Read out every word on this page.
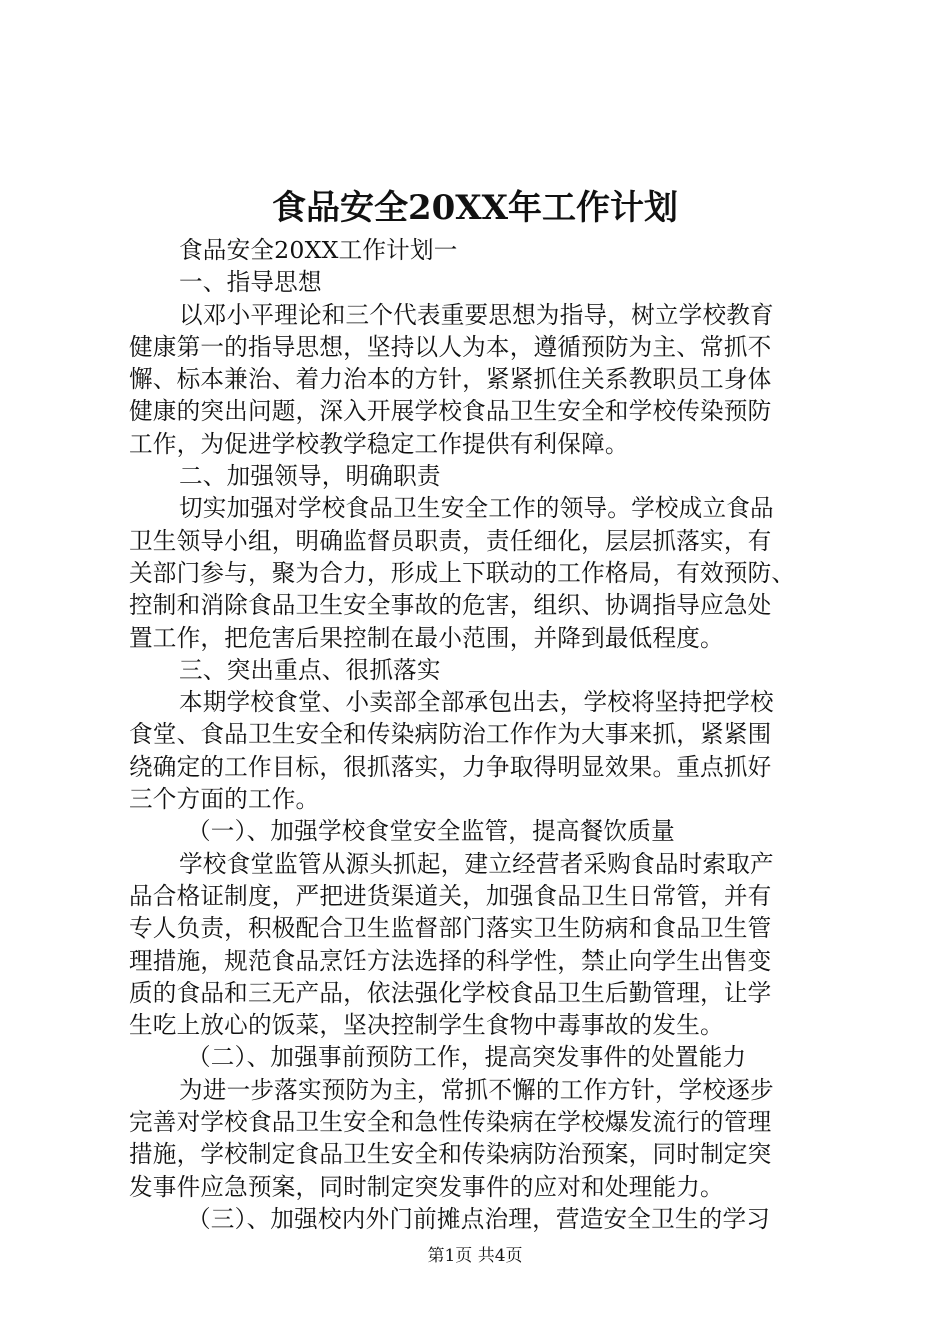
食品安全20XX年工作计划
食品安全20XX工作计划一
一、指导思想
以邓小平理论和三个代表重要思想为指导，树立学校教育
健康第一的指导思想，坚持以人为本，遵循预防为主、常抓不
懈、标本兼治、着力治本的方针，紧紧抓住关系教职员工身体
健康的突出问题，深入开展学校食品卫生安全和学校传染预防
工作，为促进学校教学稳定工作提供有利保障。
二、加强领导，明确职责
切实加强对学校食品卫生安全工作的领导。学校成立食品
卫生领导小组，明确监督员职责，责任细化，层层抓落实，有
关部门参与，聚为合力，形成上下联动的工作格局，有效预防、
控制和消除食品卫生安全事故的危害，组织、协调指导应急处
置工作，把危害后果控制在最小范围，并降到最低程度。
三、突出重点、很抓落实
本期学校食堂、小卖部全部承包出去，学校将坚持把学校
食堂、食品卫生安全和传染病防治工作作为大事来抓，紧紧围
绕确定的工作目标，很抓落实，力争取得明显效果。重点抓好
三个方面的工作。
（一）、加强学校食堂安全监管，提高餐饮质量
学校食堂监管从源头抓起，建立经营者采购食品时索取产
品合格证制度，严把进货渠道关，加强食品卫生日常管，并有
专人负责，积极配合卫生监督部门落实卫生防病和食品卫生管
理措施，规范食品烹饪方法选择的科学性，禁止向学生出售变
质的食品和三无产品，依法强化学校食品卫生后勤管理，让学
生吃上放心的饭菜，坚决控制学生食物中毒事故的发生。
（二）、加强事前预防工作，提高突发事件的处置能力
为进一步落实预防为主，常抓不懈的工作方针，学校逐步
完善对学校食品卫生安全和急性传染病在学校爆发流行的管理
措施，学校制定食品卫生安全和传染病防治预案，同时制定突
发事件应急预案，同时制定突发事件的应对和处理能力。
（三）、加强校内外门前摊点治理，营造安全卫生的学习
第1页 共4页
